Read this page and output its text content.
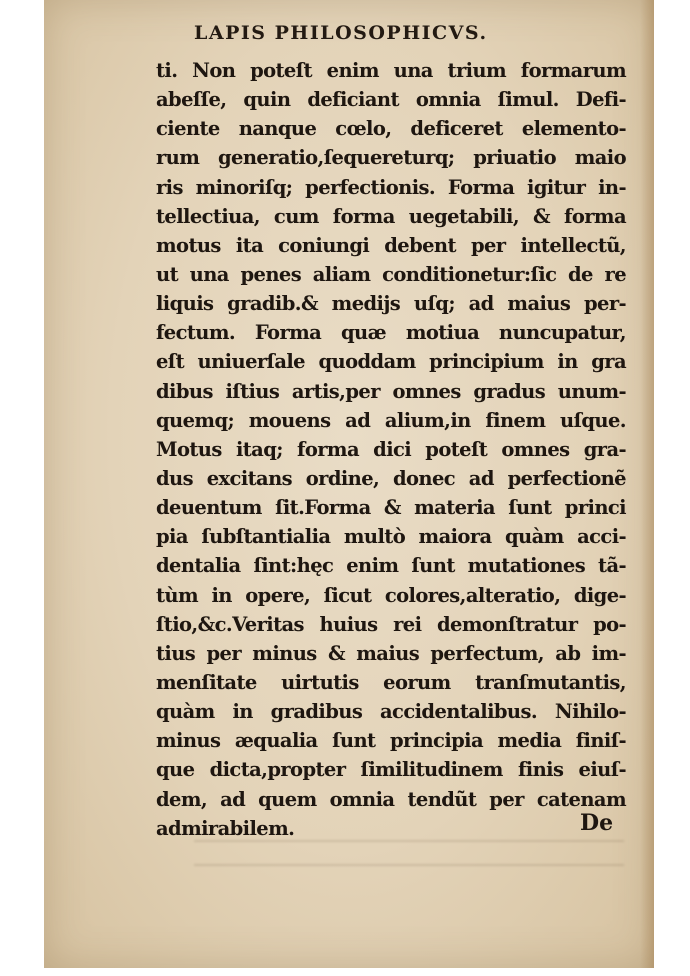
LAPIS PHILOSOPHICVS.
ti. Non poteſt enim una trium formarum
abeſſe, quin deficiant omnia ſimul. Defi-
ciente nanque cœlo, deficeret elemento-
rum generatio,ſequereturq; priuatio maio
ris minoriſq; perfectionis. Forma igitur in-
tellectiua, cum forma uegetabili, & forma
motus ita coniungi debent per intellectũ,
ut una penes aliam conditionetur:ſic de re
liquis gradib.& medijs uſq; ad maius per-
fectum. Forma quæ motiua nuncupatur,
eſt uniuerſale quoddam principium in gra
dibus iſtius artis,per omnes gradus unum-
quemq; mouens ad alium,in finem uſque.
Motus itaq; forma dici poteſt omnes gra-
dus excitans ordine, donec ad perfectionẽ
deuentum ſit.Forma & materia ſunt princi
pia ſubſtantialia multò maiora quàm acci-
dentalia ſint:hęc enim ſunt mutationes tã-
tùm in opere, ſicut colores,alteratio, dige-
ſtio,&c.Veritas huius rei demonſtratur po-
tius per minus & maius perfectum, ab im-
menſitate uirtutis eorum tranſmutantis,
quàm in gradibus accidentalibus. Nihilo-
minus æqualia ſunt principia media finiſ-
que dicta,propter ſimilitudinem finis eiuſ-
dem, ad quem omnia tendũt per catenam
admirabilem.	De
